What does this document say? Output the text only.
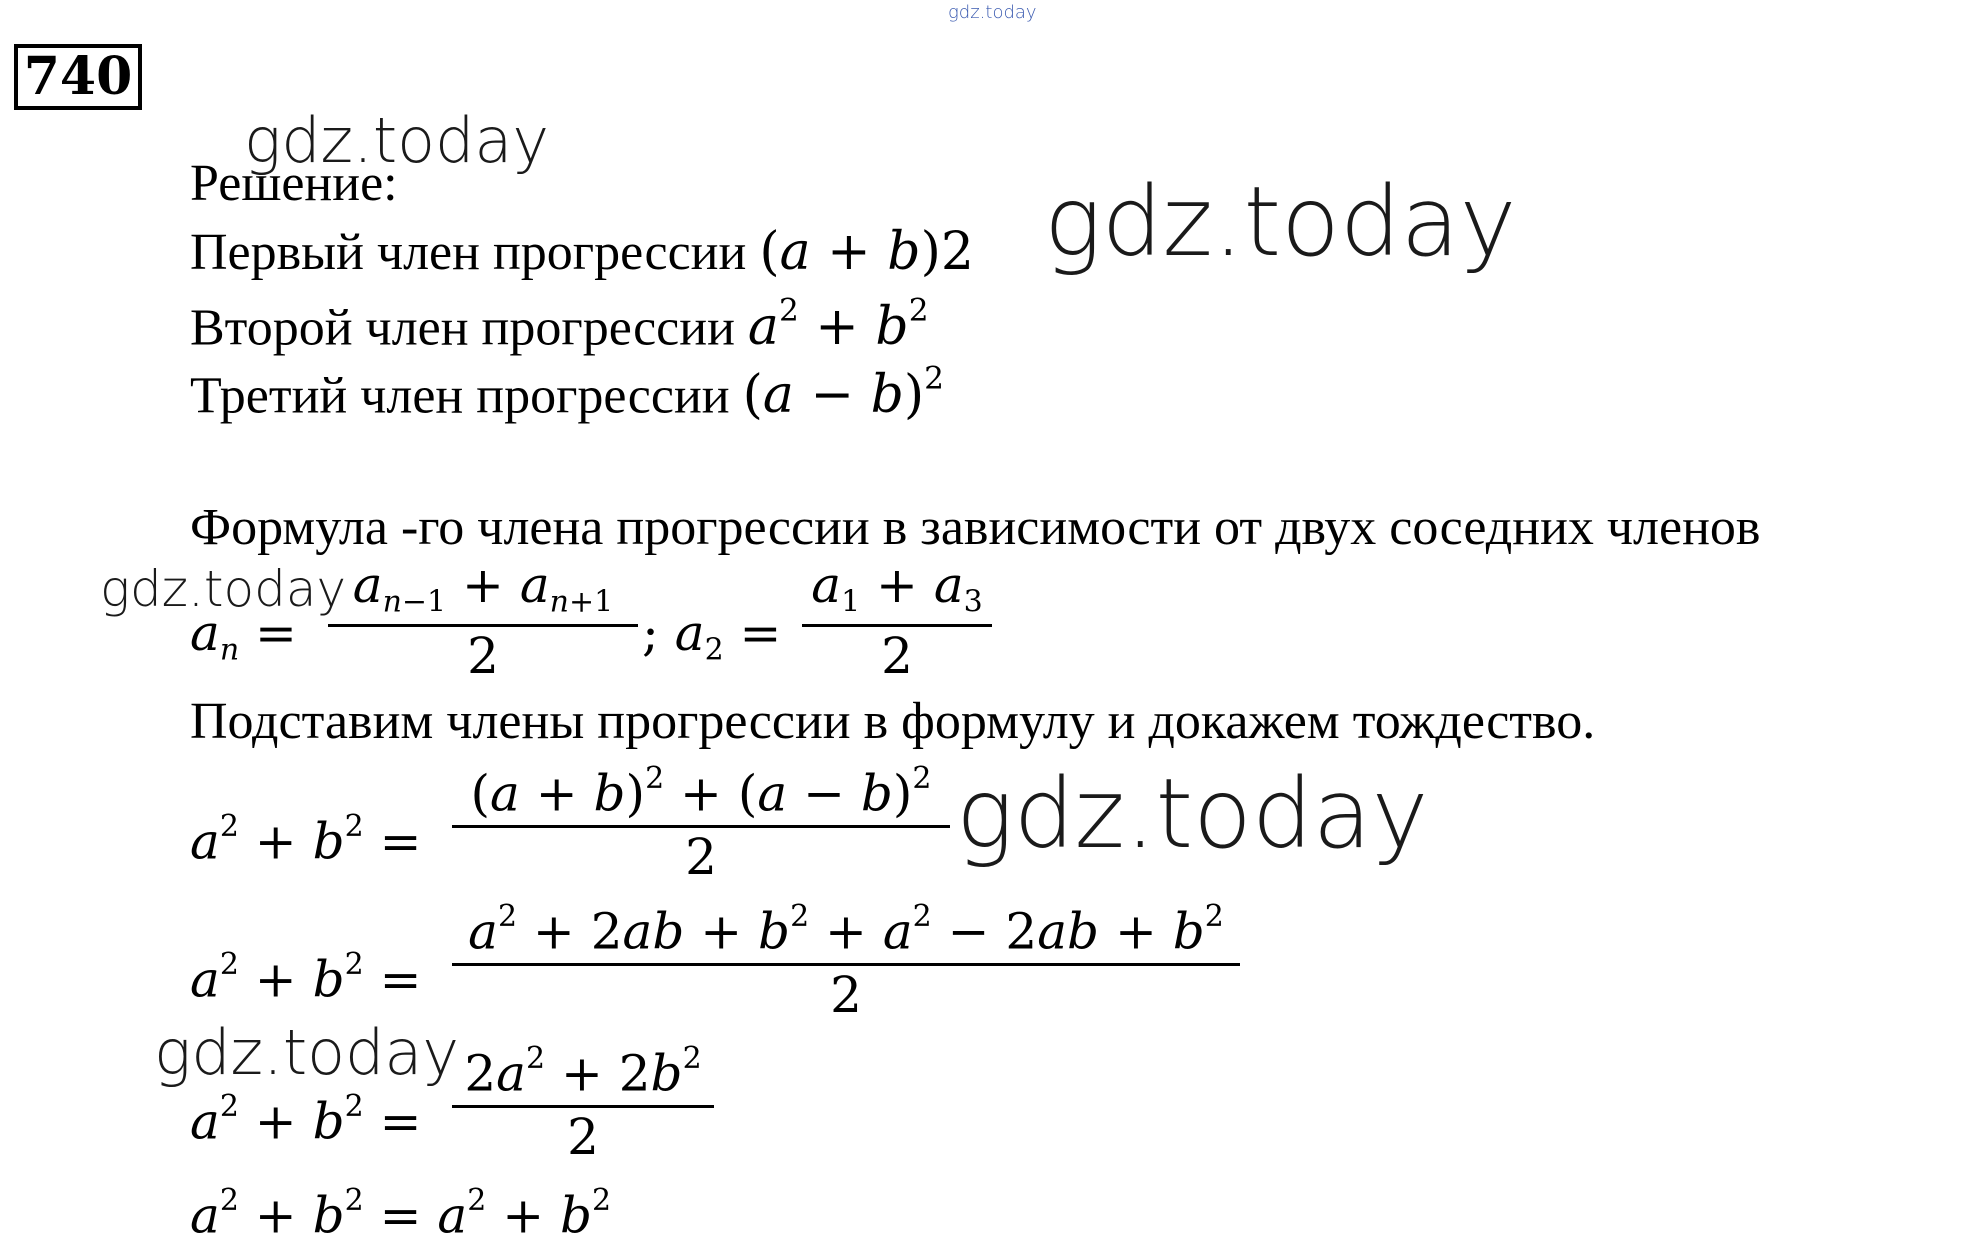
gdz.today
gdz.today
gdz.today
gdz.today
gdz.today
gdz.today
740
Решение:
Первый член прогрессии (a + b)2
Второй член прогрессии $a^2 + b^2$
Третий член прогрессии $(a - b)^2$
Формула -го члена прогрессии в зависимости от двух соседних членов
$a_n$ =
$a_{n-1} + a_{n+1}$
2	; $a_2$ =
$a_1 + a_3$
2
Подставим члены прогрессии в формулу и докажем тождество.
$a^2 + b^2$ =
$(a + b)^2 + (a - b)^2$
2
$a^2 + b^2$ =
$a^2 + 2ab + b^2 + a^2 - 2ab + b^2$
2
$a^2 + b^2$ =
$2a^2 + 2b^2$
2
$a^2 + b^2 = a^2 + b^2$
